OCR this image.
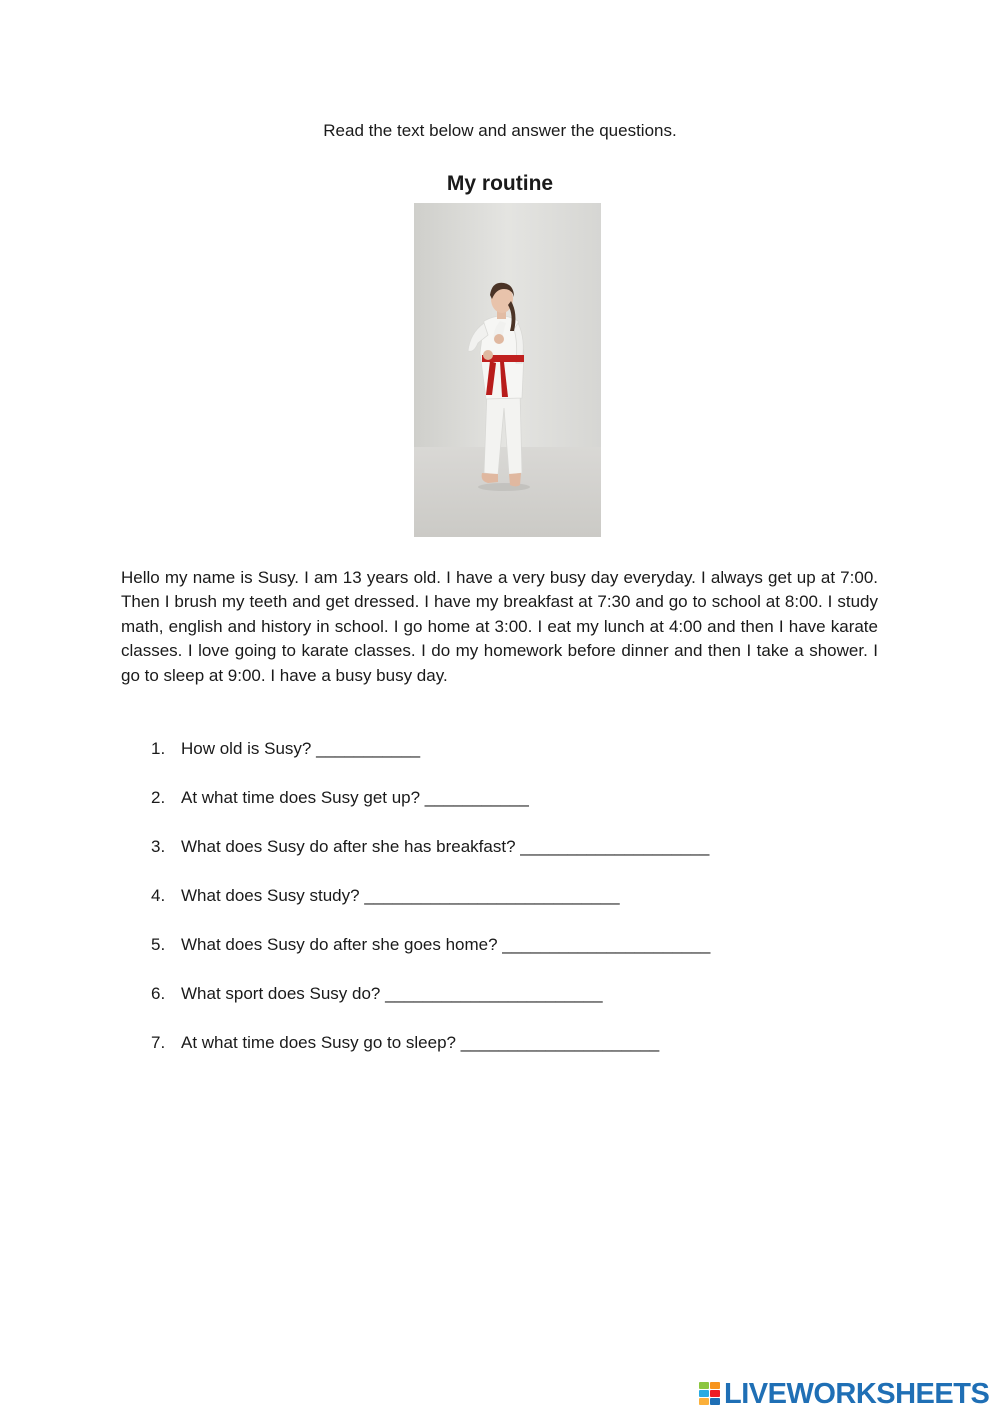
Read the text below and answer the questions.
My routine

Hello my name is Susy. I am 13 years old. I have a very busy day everyday. I always get up at 7:00. Then I brush my teeth and get dressed. I have my breakfast at 7:30 and go to school at 8:00. I study math, english and history in school. I go home at 3:00. I eat my lunch at 4:00 and then I have karate classes. I love going to karate classes. I do my homework before dinner and then I take a shower. I go to sleep at 9:00. I have a busy busy day.

1. How old is Susy? ___________
2. At what time does Susy get up? ___________
3. What does Susy do after she has breakfast? ____________________
4. What does Susy study? ___________________________
5. What does Susy do after she goes home? ______________________
6. What sport does Susy do? _______________________
7. At what time does Susy go to sleep? _____________________
LIVEWORKSHEETS
